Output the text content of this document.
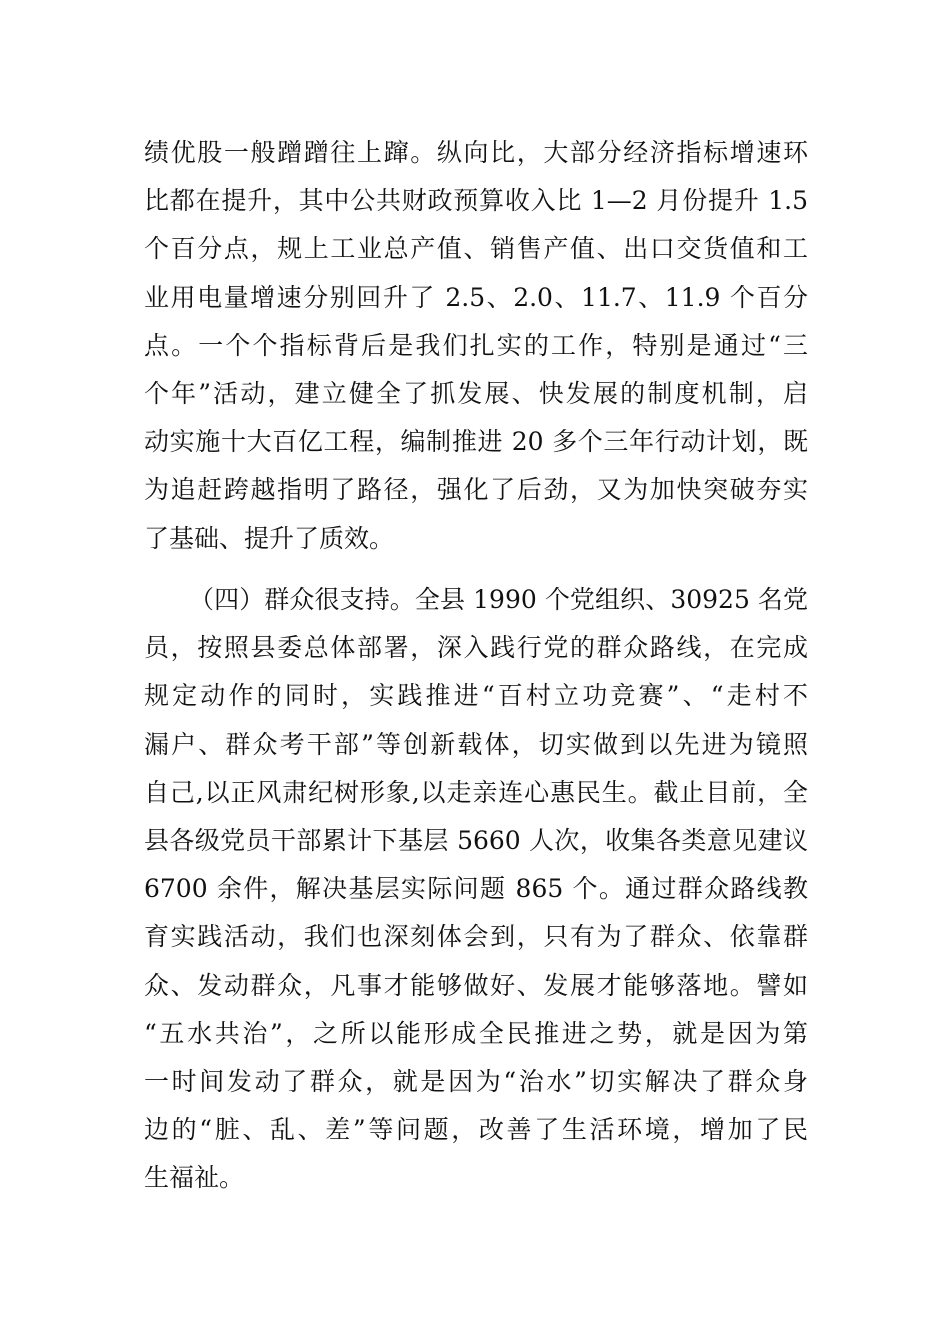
绩优股一般蹭蹭往上蹿。纵向比，大部分经济指标增速环
比都在提升，其中公共财政预算收入比 1—2 月份提升 1.5
个百分点，规上工业总产值、销售产值、出口交货值和工
业用电量增速分别回升了 2.5、2.0、11.7、11.9 个百分
点。一个个指标背后是我们扎实的工作，特别是通过“三
个年”活动，建立健全了抓发展、快发展的制度机制，启
动实施十大百亿工程，编制推进 20 多个三年行动计划，既
为追赶跨越指明了路径，强化了后劲，又为加快突破夯实
了基础、提升了质效。
（四）群众很支持。全县 1990 个党组织、30925 名党
员，按照县委总体部署，深入践行党的群众路线，在完成
规定动作的同时，实践推进“百村立功竞赛”、“走村不
漏户、群众考干部”等创新载体，切实做到以先进为镜照
自己,以正风肃纪树形象,以走亲连心惠民生。截止目前，全
县各级党员干部累计下基层 5660 人次，收集各类意见建议
6700 余件，解决基层实际问题 865 个。通过群众路线教
育实践活动，我们也深刻体会到，只有为了群众、依靠群
众、发动群众，凡事才能够做好、发展才能够落地。譬如
“五水共治”，之所以能形成全民推进之势，就是因为第
一时间发动了群众，就是因为“治水”切实解决了群众身
边的“脏、乱、差”等问题，改善了生活环境，增加了民
生福祉。
